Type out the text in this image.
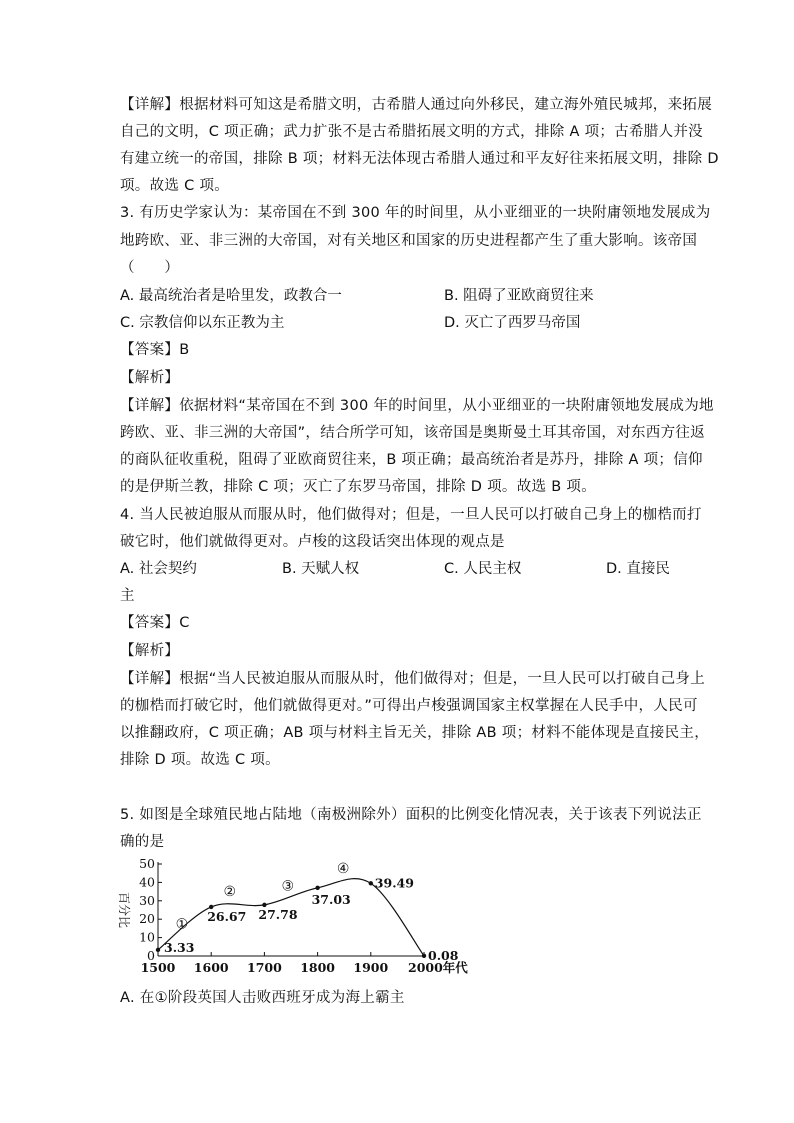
【详解】根据材料可知这是希腊文明，古希腊人通过向外移民，建立海外殖民城邦，来拓展
自己的文明，C 项正确；武力扩张不是古希腊拓展文明的方式，排除 A 项；古希腊人并没
有建立统一的帝国，排除 B 项；材料无法体现古希腊人通过和平友好往来拓展文明，排除 D
项。故选 C 项。
3. 有历史学家认为：某帝国在不到 300 年的时间里，从小亚细亚的一块附庸领地发展成为
地跨欧、亚、非三洲的大帝国，对有关地区和国家的历史进程都产生了重大影响。该帝国
（　　）
A. 最高统治者是哈里发，政教合一	B. 阻碍了亚欧商贸往来
C. 宗教信仰以东正教为主	D. 灭亡了西罗马帝国
【答案】B
【解析】
【详解】依据材料“某帝国在不到 300 年的时间里，从小亚细亚的一块附庸领地发展成为地
跨欧、亚、非三洲的大帝国”，结合所学可知，该帝国是奥斯曼土耳其帝国，对东西方往返
的商队征收重税，阻碍了亚欧商贸往来，B 项正确；最高统治者是苏丹，排除 A 项；信仰
的是伊斯兰教，排除 C 项；灭亡了东罗马帝国，排除 D 项。故选 B 项。
4. 当人民被迫服从而服从时，他们做得对；但是，一旦人民可以打破自己身上的枷梏而打
破它时，他们就做得更对。卢梭的这段话突出体现的观点是
A. 社会契约	B. 天赋人权	C. 人民主权	D. 直接民
主
【答案】C
【解析】
【详解】根据“当人民被迫服从而服从时，他们做得对；但是，一旦人民可以打破自己身上
的枷梏而打破它时，他们就做得更对。”可得出卢梭强调国家主权掌握在人民手中，人民可
以推翻政府，C 项正确；AB 项与材料主旨无关，排除 AB 项；材料不能体现是直接民主，
排除 D 项。故选 C 项。
5. 如图是全球殖民地占陆地（南极洲除外）面积的比例变化情况表，关于该表下列说法正
确的是
0
10
20
30
40
50
1500 1600 1700 1800 1900 2000年代
3.33
26.67 27.78
37.03
39.49
0.08
①
②	③
④
百分比
A. 在①阶段英国人击败西班牙成为海上霸主
